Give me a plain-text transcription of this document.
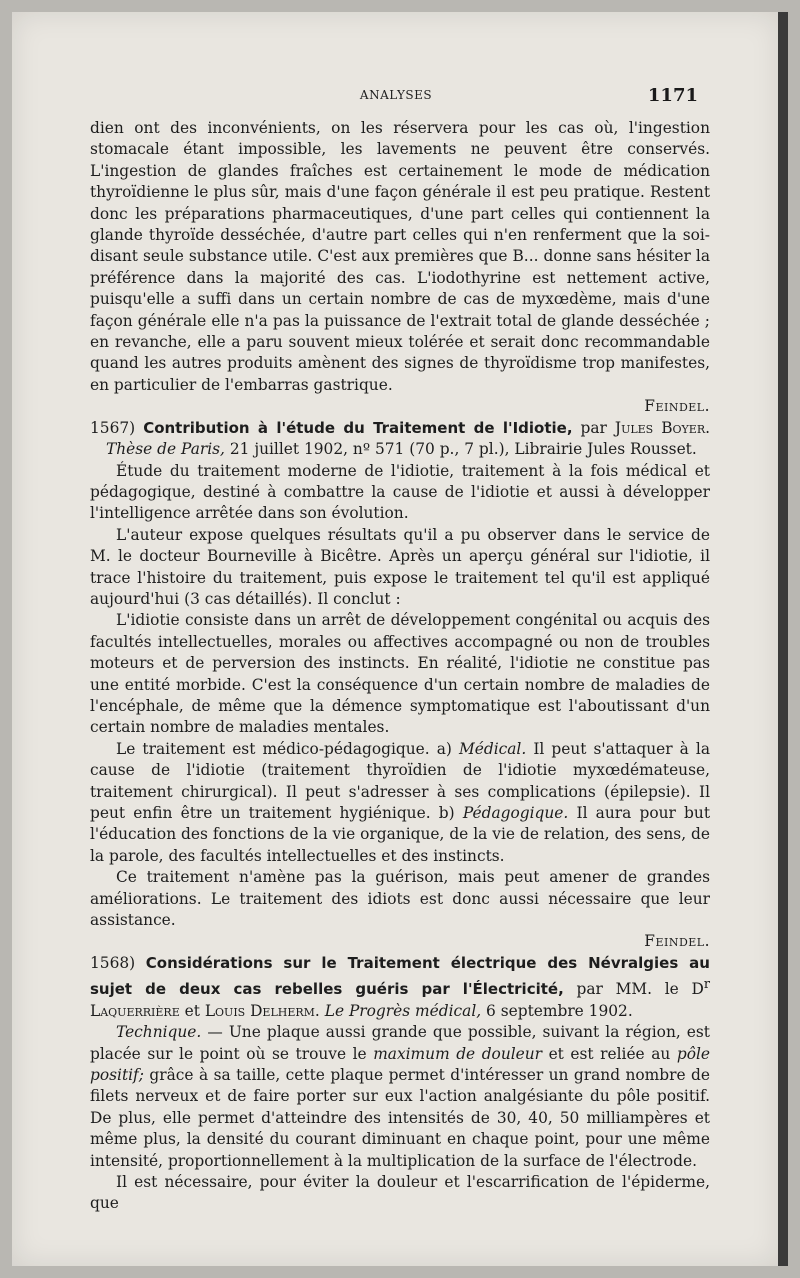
ANALYSES	1171

dien ont des inconvénients, on les réservera pour les cas où, l'ingestion stomacale étant impossible, les lavements ne peuvent être conservés. L'ingestion de glandes fraîches est certainement le mode de médication thyroïdienne le plus sûr, mais d'une façon générale il est peu pratique. Restent donc les préparations pharmaceutiques, d'une part celles qui contiennent la glande thyroïde desséchée, d'autre part celles qui n'en renferment que la soi-disant seule substance utile. C'est aux premières que B... donne sans hésiter la préférence dans la majorité des cas. L'iodothyrine est nettement active, puisqu'elle a suffi dans un certain nombre de cas de myxœdème, mais d'une façon générale elle n'a pas la puissance de l'extrait total de glande desséchée ; en revanche, elle a paru souvent mieux tolérée et serait donc recommandable quand les autres produits amènent des signes de thyroïdisme trop manifestes, en particulier de l'embarras gastrique.

Feindel.

1567) Contribution à l'étude du Traitement de l'Idiotie, par Jules Boyer. Thèse de Paris, 21 juillet 1902, nº 571 (70 p., 7 pl.), Librairie Jules Rousset.

Étude du traitement moderne de l'idiotie, traitement à la fois médical et pédagogique, destiné à combattre la cause de l'idiotie et aussi à développer l'intelligence arrêtée dans son évolution.

L'auteur expose quelques résultats qu'il a pu observer dans le service de M. le docteur Bourneville à Bicêtre. Après un aperçu général sur l'idiotie, il trace l'histoire du traitement, puis expose le traitement tel qu'il est appliqué aujourd'hui (3 cas détaillés). Il conclut :

L'idiotie consiste dans un arrêt de développement congénital ou acquis des facultés intellectuelles, morales ou affectives accompagné ou non de troubles moteurs et de perversion des instincts. En réalité, l'idiotie ne constitue pas une entité morbide. C'est la conséquence d'un certain nombre de maladies de l'encéphale, de même que la démence symptomatique est l'aboutissant d'un certain nombre de maladies mentales.

Le traitement est médico-pédagogique. a) Médical. Il peut s'attaquer à la cause de l'idiotie (traitement thyroïdien de l'idiotie myxœdémateuse, traitement chirurgical). Il peut s'adresser à ses complications (épilepsie). Il peut enfin être un traitement hygiénique. b) Pédagogique. Il aura pour but l'éducation des fonctions de la vie organique, de la vie de relation, des sens, de la parole, des facultés intellectuelles et des instincts.

Ce traitement n'amène pas la guérison, mais peut amener de grandes améliorations. Le traitement des idiots est donc aussi nécessaire que leur assistance.

Feindel.

1568) Considérations sur le Traitement électrique des Névralgies au sujet de deux cas rebelles guéris par l'Électricité, par MM. le $D^r$ Laquerrière et Louis Delherm. Le Progrès médical, 6 septembre 1902.

Technique. — Une plaque aussi grande que possible, suivant la région, est placée sur le point où se trouve le maximum de douleur et est reliée au pôle positif; grâce à sa taille, cette plaque permet d'intéresser un grand nombre de filets nerveux et de faire porter sur eux l'action analgésiante du pôle positif. De plus, elle permet d'atteindre des intensités de 30, 40, 50 milliampères et même plus, la densité du courant diminuant en chaque point, pour une même intensité, proportionnellement à la multiplication de la surface de l'électrode.

Il est nécessaire, pour éviter la douleur et l'escarrification de l'épiderme, que
